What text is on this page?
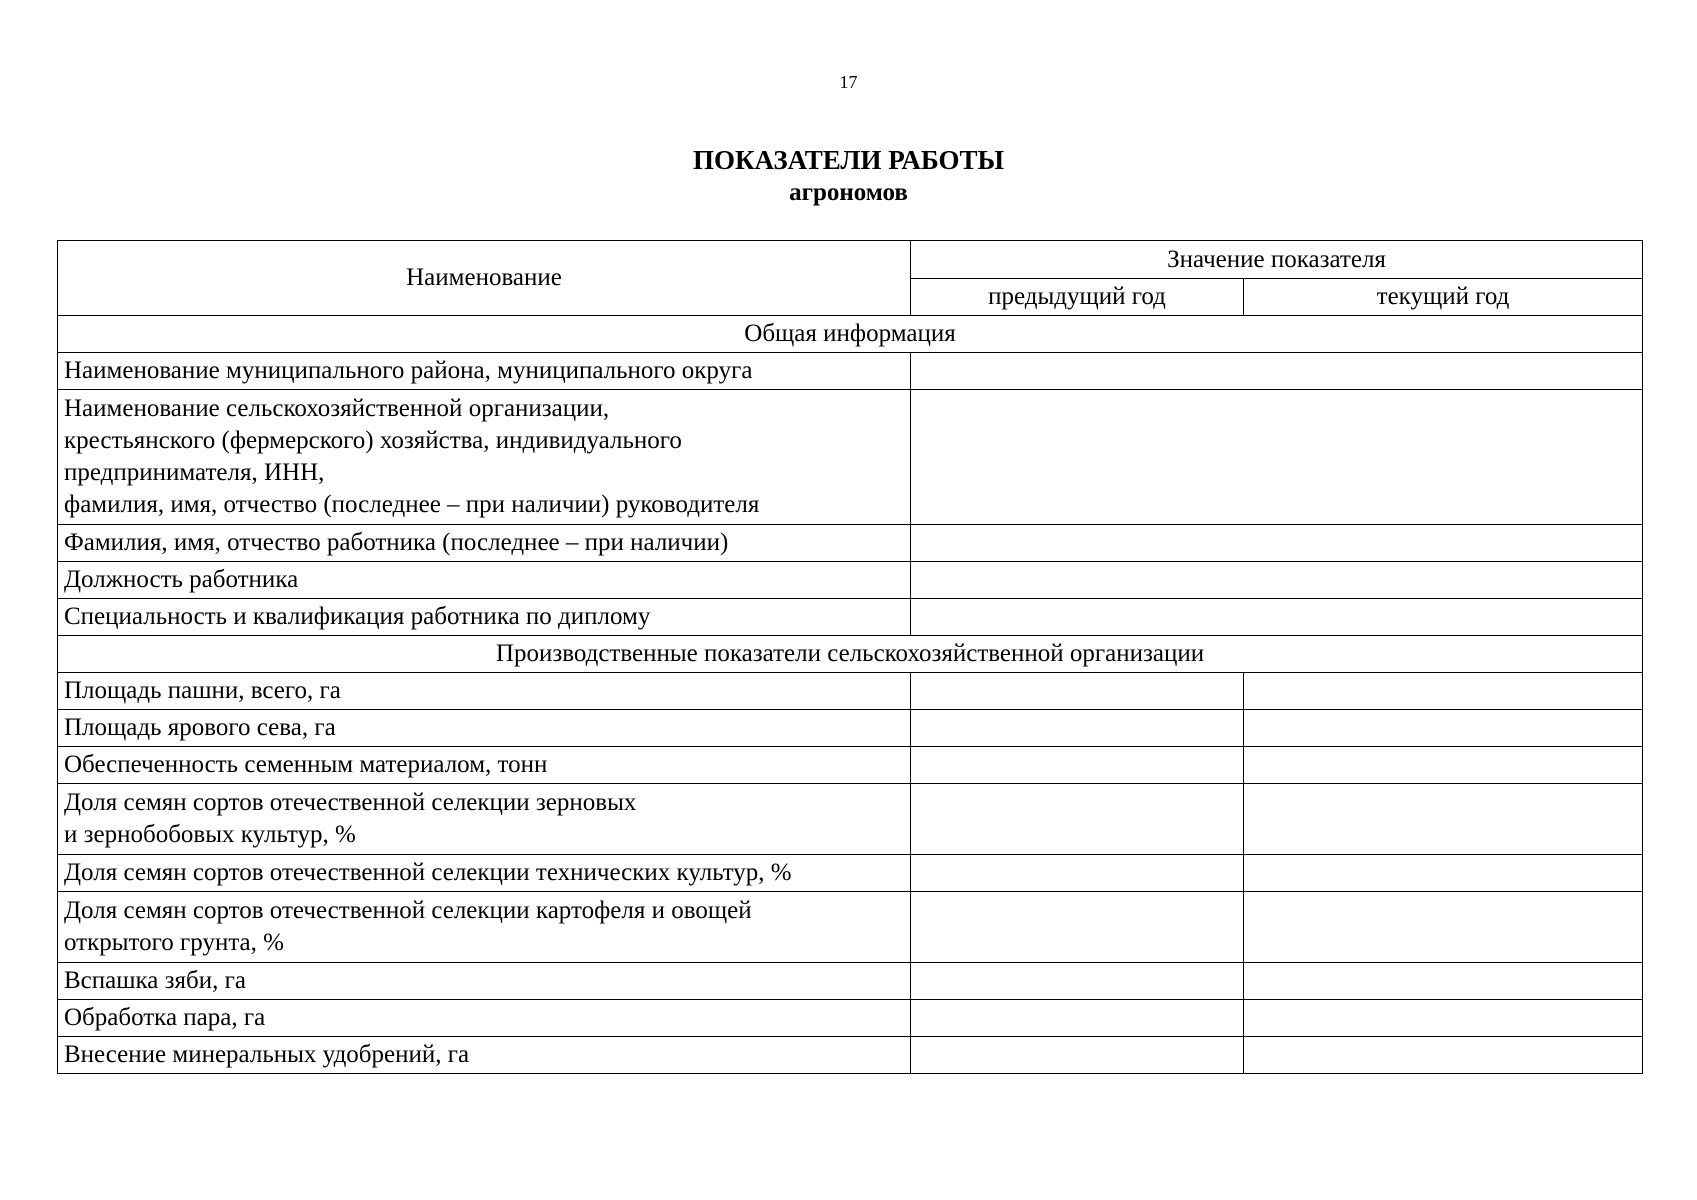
17
ПОКАЗАТЕЛИ РАБОТЫ
агрономов
Наименование	Значение показателя	
	предыдущий год	текущий год
Общая информация		

Наименование муниципального района, муниципального округа		

Наименование сельскохозяйственной организации,
крестьянского (фермерского) хозяйства, индивидуального
предпринимателя, ИНН,
фамилия, имя, отчество (последнее – при наличии) руководителя		

Фамилия, имя, отчество работника (последнее – при наличии)		

Должность работника		

Специальность и квалификация работника по диплому		

Производственные показатели сельскохозяйственной организации		

Площадь пашни, всего, га		

Площадь ярового сева, га		

Обеспеченность семенным материалом, тонн		

Доля семян сортов отечественной селекции зерновых
и зернобобовых культур, %		

Доля семян сортов отечественной селекции технических культур, %		

Доля семян сортов отечественной селекции картофеля и овощей
открытого грунта, %		

Вспашка зяби, га		

Обработка пара, га		

Внесение минеральных удобрений, га		
